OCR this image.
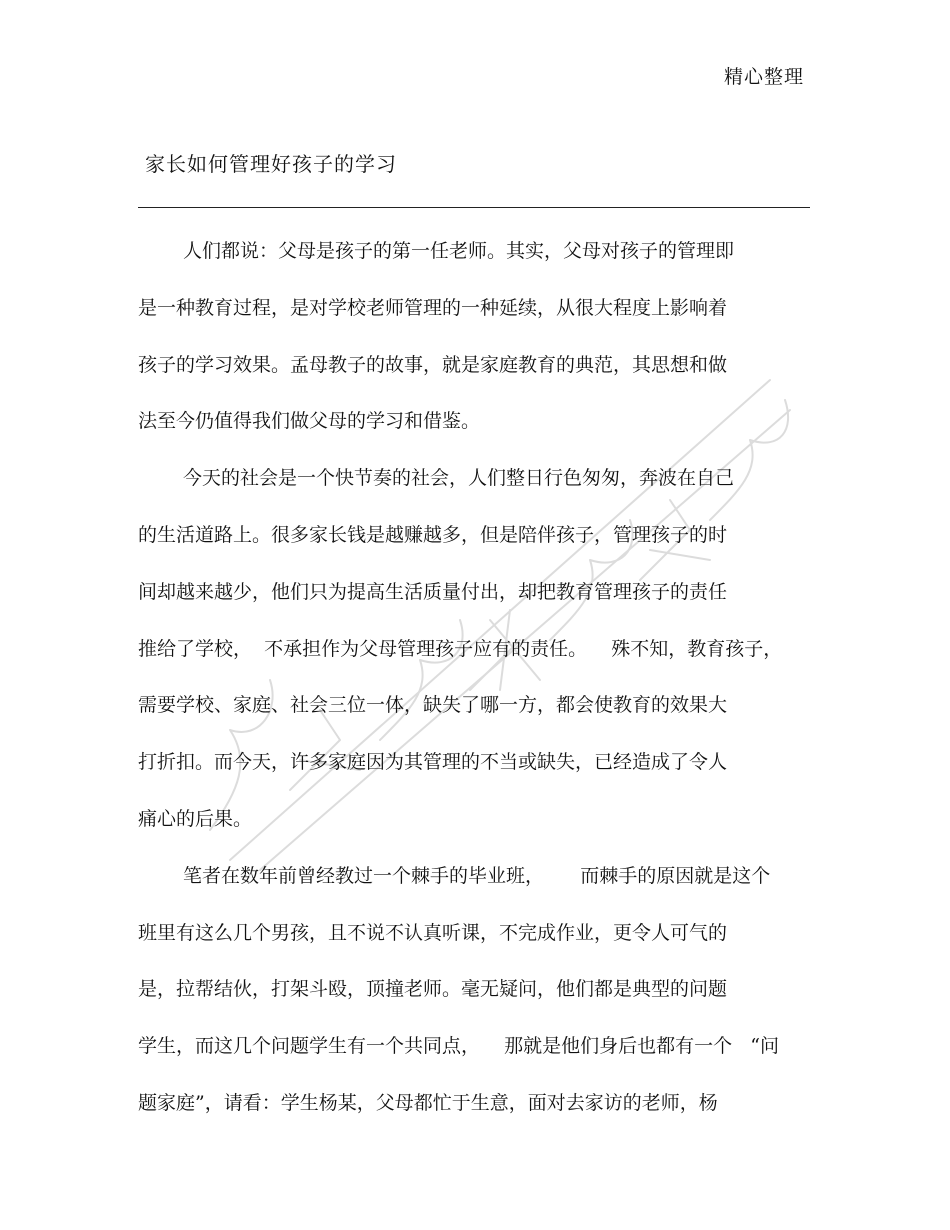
精心整理
家长如何管理好孩子的学习
人们都说：父母是孩子的第一任老师。其实，父母对孩子的管理即
是一种教育过程，是对学校老师管理的一种延续，从很大程度上影响着
孩子的学习效果。孟母教子的故事，就是家庭教育的典范，其思想和做
法至今仍值得我们做父母的学习和借鉴。
今天的社会是一个快节奏的社会，人们整日行色匆匆，奔波在自己
的生活道路上。很多家长钱是越赚越多，但是陪伴孩子，管理孩子的时
间却越来越少，他们只为提高生活质量付出，却把教育管理孩子的责任
推给了学校，  不承担作为父母管理孩子应有的责任。    殊不知，教育孩子，
需要学校、家庭、社会三位一体，缺失了哪一方，都会使教育的效果大
打折扣。而今天，许多家庭因为其管理的不当或缺失，已经造成了令人
痛心的后果。
笔者在数年前曾经教过一个棘手的毕业班，      而棘手的原因就是这个
班里有这么几个男孩，且不说不认真听课，不完成作业，更令人可气的
是，拉帮结伙，打架斗殴，顶撞老师。毫无疑问，他们都是典型的问题
学生，而这几个问题学生有一个共同点，    那就是他们身后也都有一个   “问
题家庭”，请看：学生杨某，父母都忙于生意，面对去家访的老师，杨
